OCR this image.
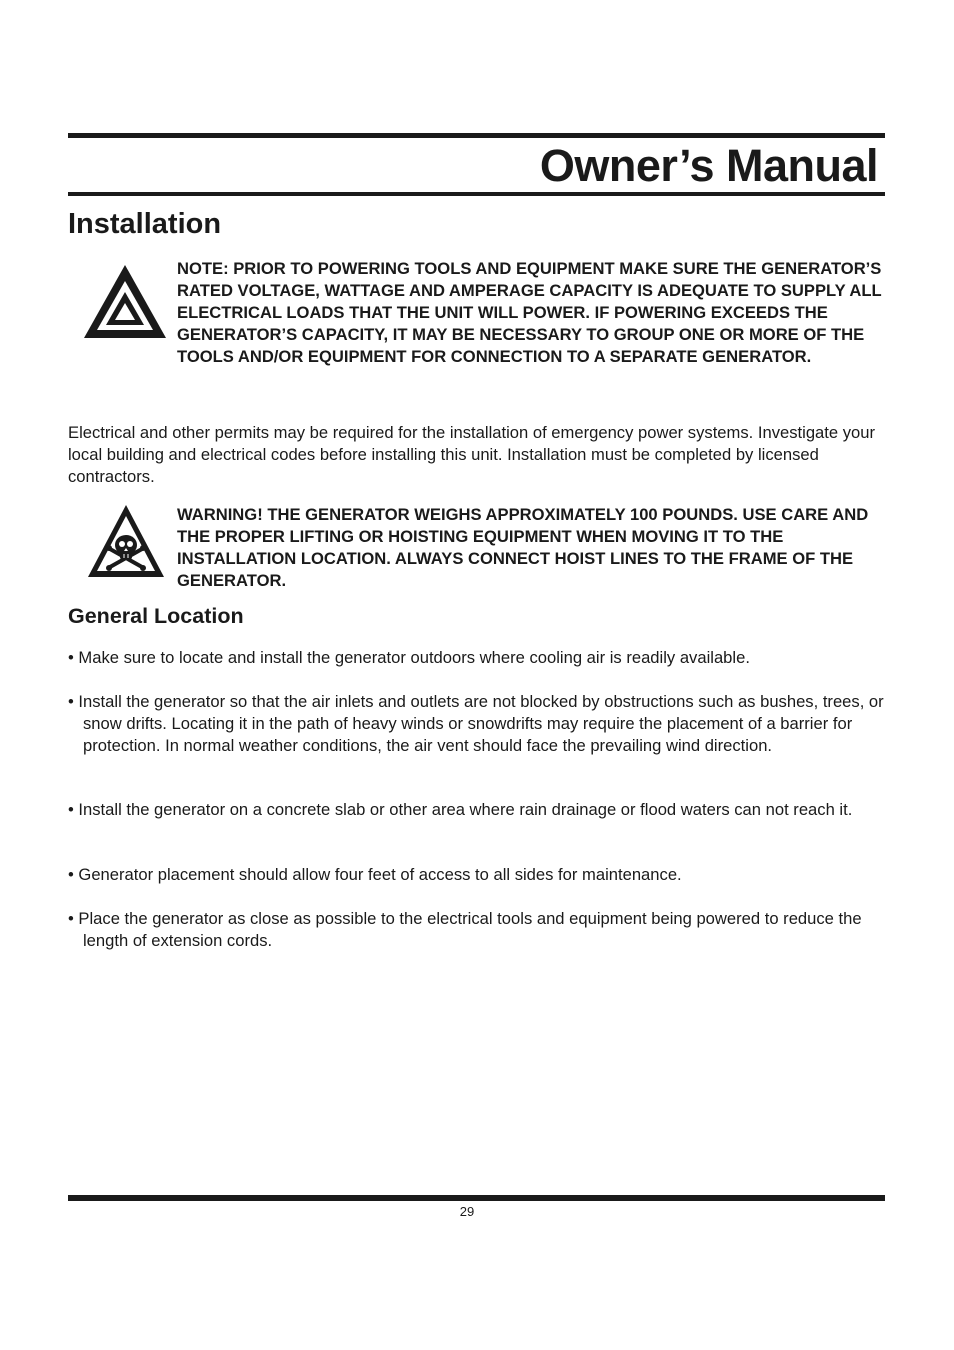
Owner’s Manual
Installation

NOTE: PRIOR TO POWERING TOOLS AND EQUIPMENT MAKE SURE THE GENERATOR’S RATED VOLTAGE, WATTAGE AND AMPERAGE CAPACITY IS ADEQUATE TO SUPPLY ALL ELECTRICAL LOADS THAT THE UNIT WILL POWER. IF POWERING EXCEEDS THE GENERATOR’S CAPACITY, IT MAY BE NECESSARY TO GROUP ONE OR MORE OF THE TOOLS AND/OR EQUIPMENT FOR CONNECTION TO A SEPARATE GENERATOR.

Electrical and other permits may be required for the installation of emergency power systems. Investigate your local building and electrical codes before installing this unit. Installation must be completed by licensed contractors.

WARNING! THE GENERATOR WEIGHS APPROXIMATELY 100 POUNDS. USE CARE AND THE PROPER LIFTING OR HOISTING EQUIPMENT WHEN MOVING IT TO THE INSTALLATION LOCATION. ALWAYS CONNECT HOIST LINES TO THE FRAME OF THE GENERATOR.

General Location

• Make sure to locate and install the generator outdoors where cooling air is readily available.

• Install the generator so that the air inlets and outlets are not blocked by obstructions such as bushes, trees, or snow drifts. Locating it in the path of heavy winds or snowdrifts may require the placement of a barrier for protection. In normal weather conditions, the air vent should face the prevailing wind direction.

• Install the generator on a concrete slab or other area where rain drainage or flood waters can not reach it.

• Generator placement should allow four feet of access to all sides for maintenance.

• Place the generator as close as possible to the electrical tools and equipment being powered to reduce the length of extension cords.

29
